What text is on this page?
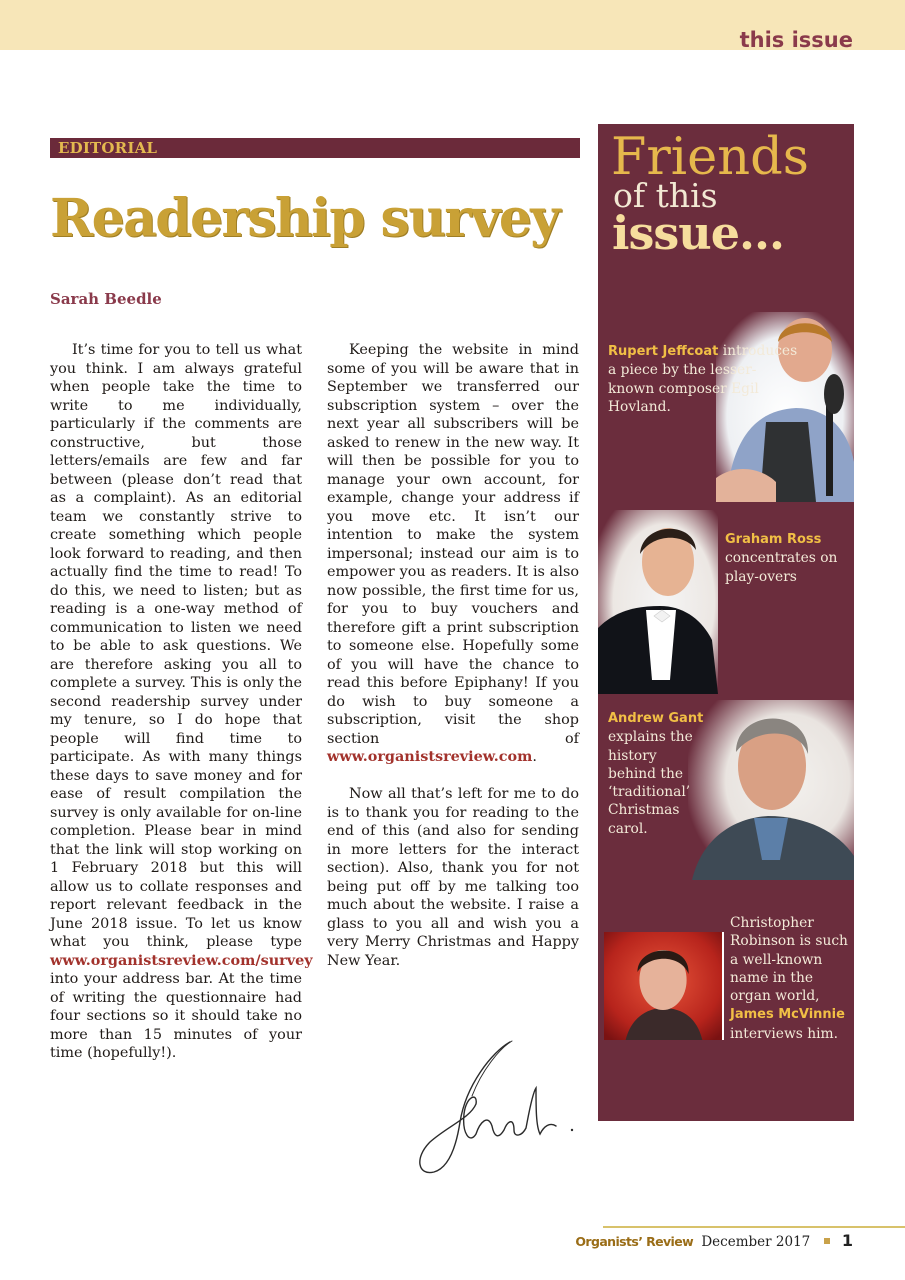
this issue
EDITORIAL
Readership survey
Sarah Beedle

It’s time for you to tell us what you think. I am always grateful when people take the time to write to me individually, particularly if the comments are constructive, but those letters/emails are few and far between (please don’t read that as a complaint). As an editorial team we constantly strive to create something which people look forward to reading, and then actually find the time to read! To do this, we need to listen; but as reading is a one-way method of communication to listen we need to be able to ask questions. We are therefore asking you all to complete a survey. This is only the second readership survey under my tenure, so I do hope that people will find time to participate. As with many things these days to save money and for ease of result compilation the survey is only available for on-line completion. Please bear in mind that the link will stop working on 1 February 2018 but this will allow us to collate responses and report relevant feedback in the June 2018 issue. To let us know what you think, please type www.organistsreview.com/survey into your address bar. At the time of writing the questionnaire had four sections so it should take no more than 15 minutes of your time (hopefully!).

Keeping the website in mind some of you will be aware that in September we transferred our subscription system – over the next year all subscribers will be asked to renew in the new way. It will then be possible for you to manage your own account, for example, change your address if you move etc. It isn’t our intention to make the system impersonal; instead our aim is to empower you as readers. It is also now possible, the first time for us, for you to buy vouchers and therefore gift a print subscription to someone else. Hopefully some of you will have the chance to read this before Epiphany! If you do wish to buy someone a subscription, visit the shop section of www.organistsreview.com.

Now all that’s left for me to do is to thank you for reading to the end of this (and also for sending in more letters for the interact section). Also, thank you for not being put off by me talking too much about the website. I raise a glass to you all and wish you a very Merry Christmas and Happy New Year.

Friends
of this
issue…
Rupert Jeffcoat introduces a piece by the lesser-known composer Egil Hovland.
Graham Ross
concentrates on play-overs
Andrew Gant
explains the history behind the ‘traditional’ Christmas carol.
Christopher Robinson is such a well-known name in the organ world, James McVinnie
interviews him.
Organists’ Review December 2017 1
